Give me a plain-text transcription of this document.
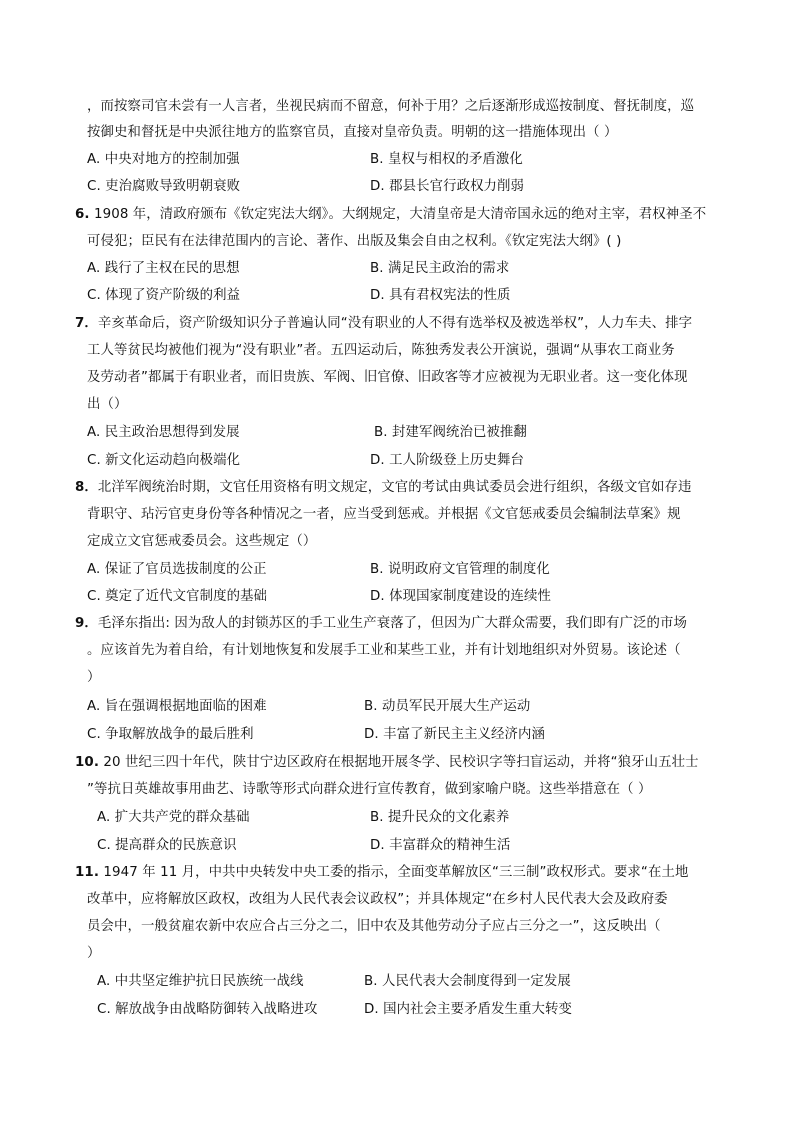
，而按察司官未尝有一人言者，坐视民病而不留意，何补于用？之后逐渐形成巡按制度、督抚制度，巡
按御史和督抚是中央派往地方的监察官员，直接对皇帝负责。明朝的这一措施体现出（ ）
A. 中央对地方的控制加强	B. 皇权与相权的矛盾激化
C. 吏治腐败导致明朝衰败	D. 郡县长官行政权力削弱
6. 1908 年，清政府颁布《钦定宪法大纲》。大纲规定，大清皇帝是大清帝国永远的绝对主宰，君权神圣不
可侵犯；臣民有在法律范围内的言论、著作、出版及集会自由之权利。《钦定宪法大纲》( )
A. 践行了主权在民的思想	B. 满足民主政治的需求
C. 体现了资产阶级的利益	D. 具有君权宪法的性质
7．辛亥革命后，资产阶级知识分子普遍认同“没有职业的人不得有选举权及被选举权”，人力车夫、排字
工人等贫民均被他们视为“没有职业”者。五四运动后，陈独秀发表公开演说，强调“从事农工商业务
及劳动者”都属于有职业者，而旧贵族、军阀、旧官僚、旧政客等才应被视为无职业者。这一变化体现
出（）
A. 民主政治思想得到发展	B. 封建军阀统治已被推翻
C. 新文化运动趋向极端化	D. 工人阶级登上历史舞台
8．北洋军阀统治时期，文官任用资格有明文规定，文官的考试由典试委员会进行组织，各级文官如存违
背职守、玷污官吏身份等各种情况之一者，应当受到惩戒。并根据《文官惩戒委员会编制法草案》规
定成立文官惩戒委员会。这些规定（）
A. 保证了官员选拔制度的公正	B. 说明政府文官管理的制度化
C. 奠定了近代文官制度的基础	D. 体现国家制度建设的连续性
9．毛泽东指出: 因为敌人的封锁苏区的手工业生产衰落了，但因为广大群众需要，我们即有广泛的市场
。应该首先为着自给，有计划地恢复和发展手工业和某些工业，并有计划地组织对外贸易。该论述（
）
A. 旨在强调根据地面临的困难	B. 动员军民开展大生产运动
C. 争取解放战争的最后胜利	D. 丰富了新民主主义经济内涵
10. 20 世纪三四十年代，陕甘宁边区政府在根据地开展冬学、民校识字等扫盲运动，并将“狼牙山五壮士
”等抗日英雄故事用曲艺、诗歌等形式向群众进行宣传教育，做到家喻户晓。这些举措意在（ ）
A. 扩大共产党的群众基础	B. 提升民众的文化素养
C. 提高群众的民族意识	D. 丰富群众的精神生活
11. 1947 年 11 月，中共中央转发中央工委的指示，全面变革解放区“三三制”政权形式。要求“在土地
改革中，应将解放区政权，改组为人民代表会议政权”；并具体规定“在乡村人民代表大会及政府委
员会中，一般贫雇农新中农应合占三分之二，旧中农及其他劳动分子应占三分之一”，这反映出（
）
A. 中共坚定维护抗日民族统一战线	B. 人民代表大会制度得到一定发展
C. 解放战争由战略防御转入战略进攻	D. 国内社会主要矛盾发生重大转变
